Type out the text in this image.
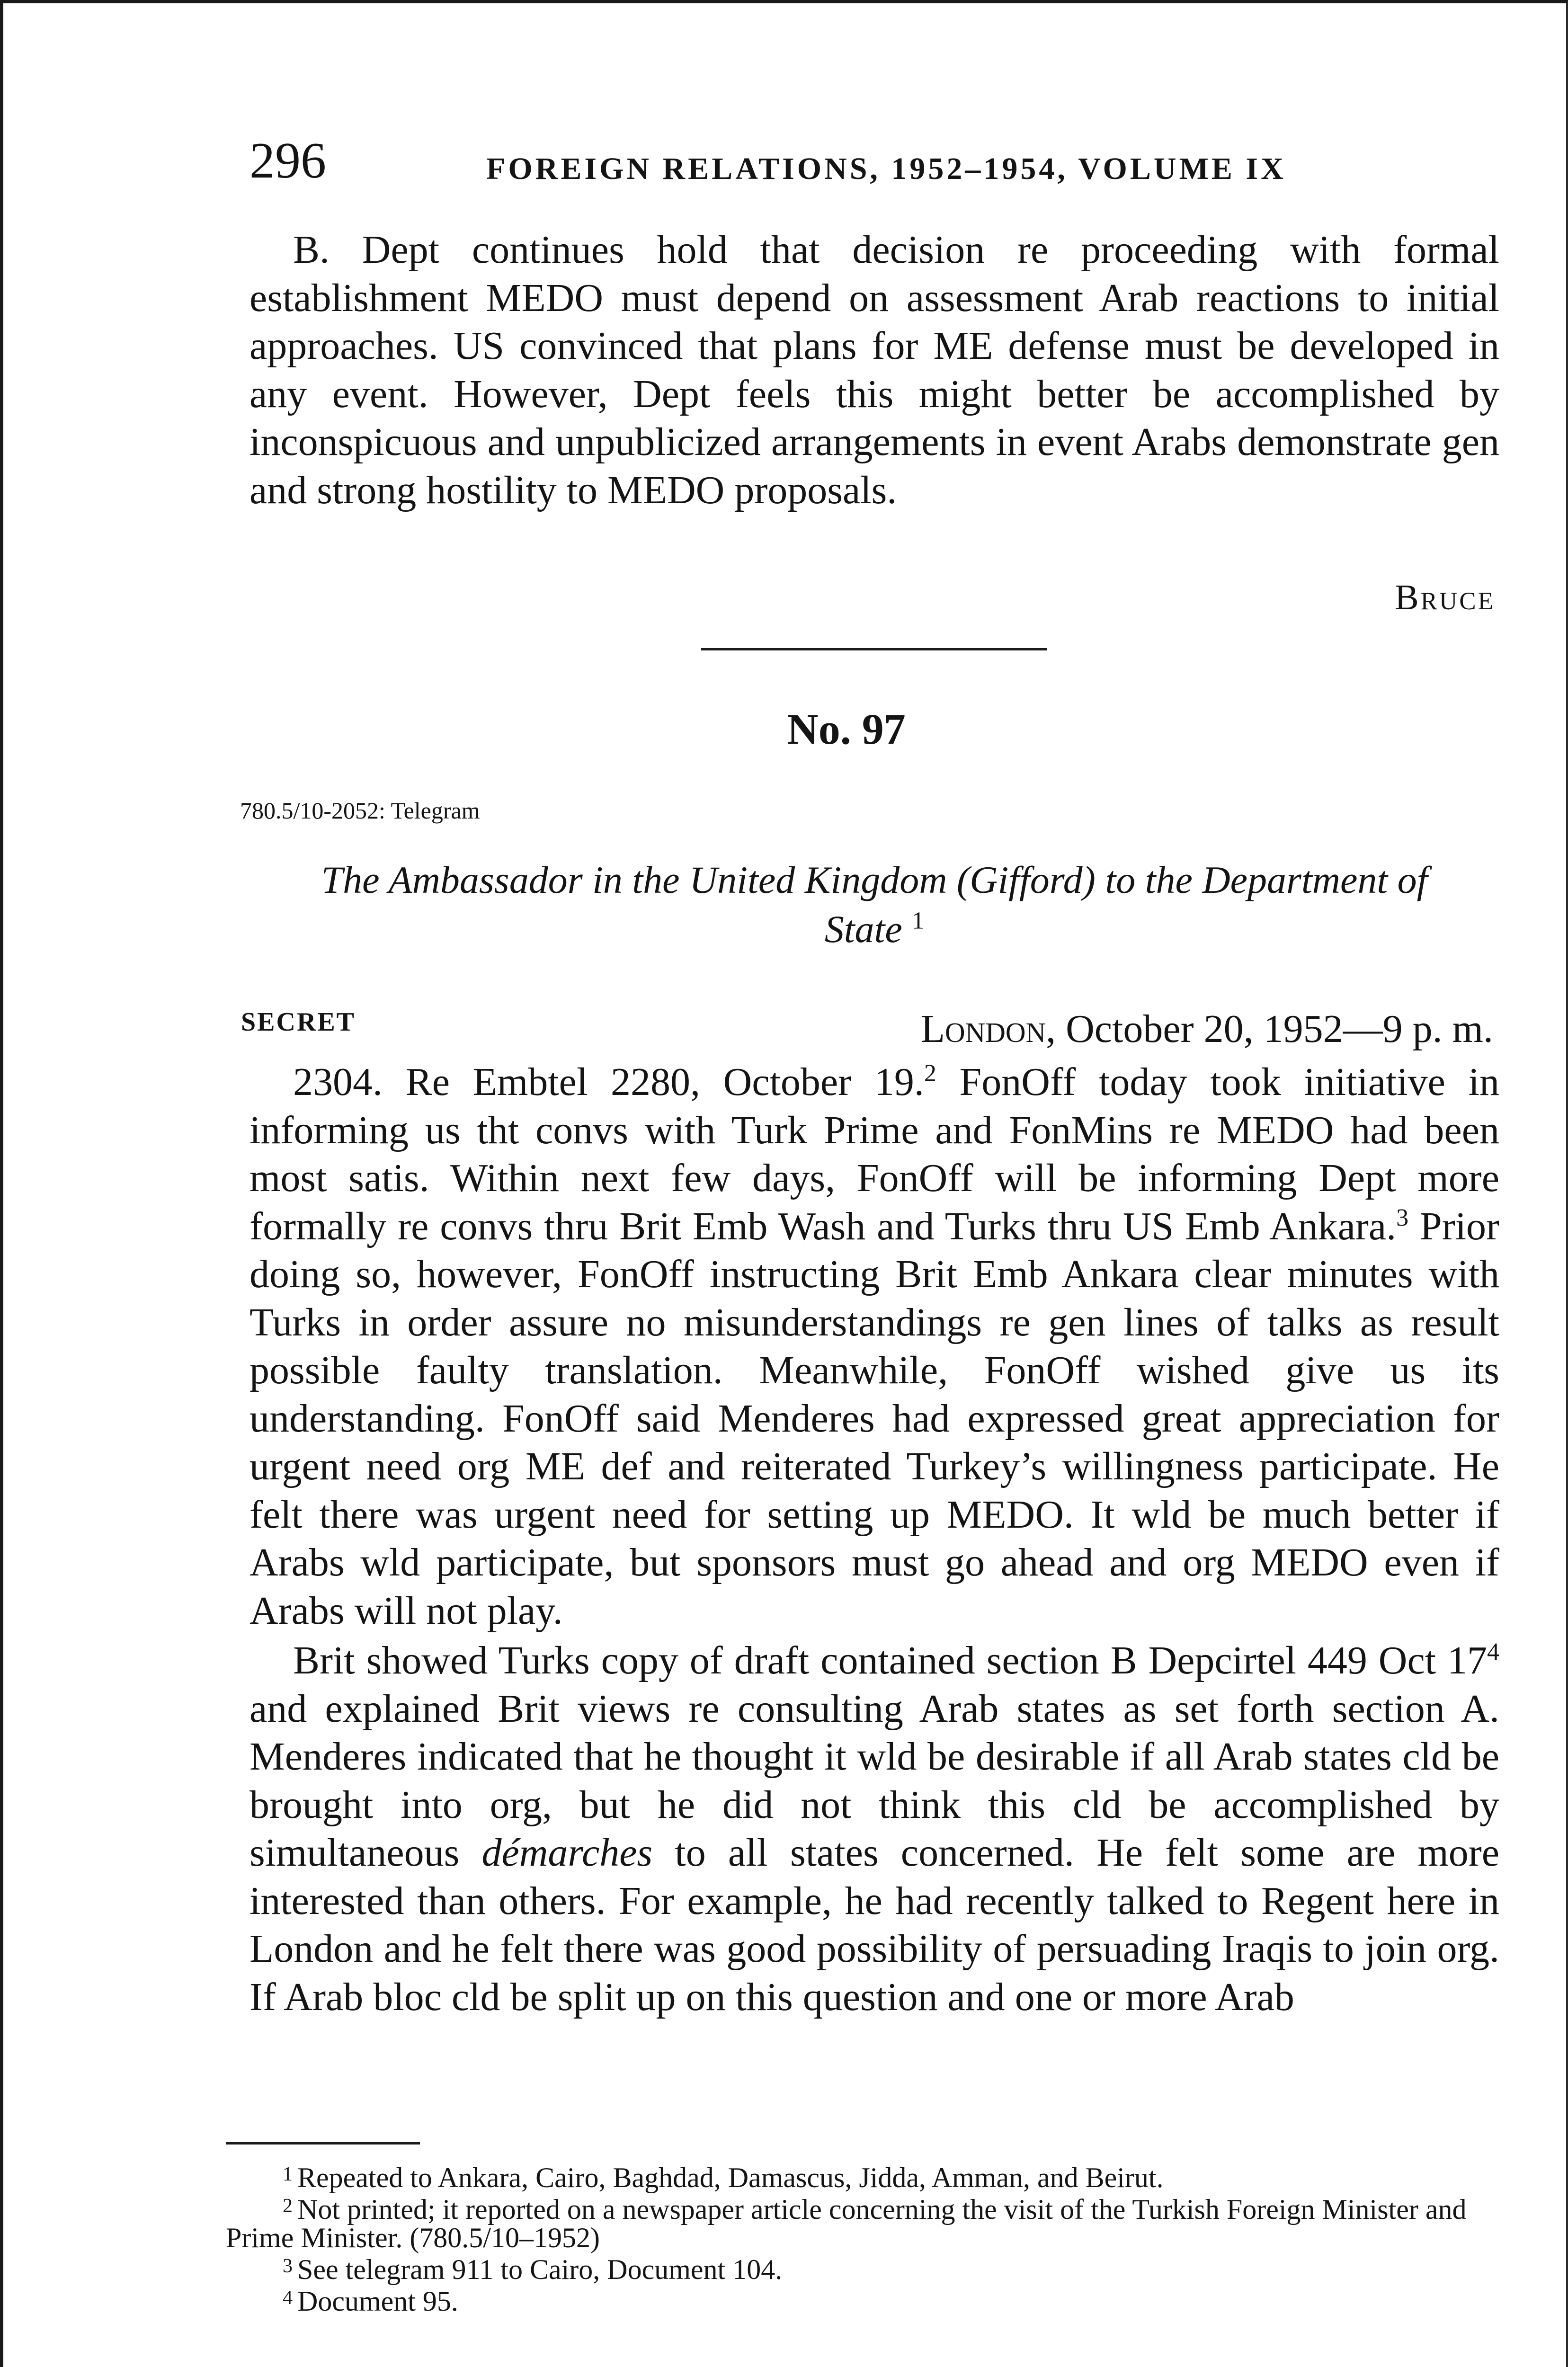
296	FOREIGN RELATIONS, 1952–1954, VOLUME IX

B. Dept continues hold that decision re proceeding with formal establishment MEDO must depend on assessment Arab reactions to initial approaches. US convinced that plans for ME defense must be developed in any event. However, Dept feels this might better be accomplished by inconspicuous and unpublicized arrangements in event Arabs demonstrate gen and strong hostility to MEDO proposals.

Bruce
No. 97
780.5/10-2052: Telegram
The Ambassador in the United Kingdom (Gifford) to the Department of State $^1$
SECRET	London, October 20, 1952—9 p. m.

2304. Re Embtel 2280, October 19.$^2$ FonOff today took initiative in informing us tht convs with Turk Prime and FonMins re MEDO had been most satis. Within next few days, FonOff will be informing Dept more formally re convs thru Brit Emb Wash and Turks thru US Emb Ankara.$^3$ Prior doing so, however, FonOff instructing Brit Emb Ankara clear minutes with Turks in order assure no misunderstandings re gen lines of talks as result possible faulty translation. Meanwhile, FonOff wished give us its understanding. FonOff said Menderes had expressed great appreciation for urgent need org ME def and reiterated Turkey’s willingness participate. He felt there was urgent need for setting up MEDO. It wld be much better if Arabs wld participate, but sponsors must go ahead and org MEDO even if Arabs will not play.

Brit showed Turks copy of draft contained section B Depcirtel 449 Oct $17^4$ and explained Brit views re consulting Arab states as set forth section A. Menderes indicated that he thought it wld be desirable if all Arab states cld be brought into org, but he did not think this cld be accomplished by simultaneous démarches to all states concerned. He felt some are more interested than others. For example, he had recently talked to Regent here in London and he felt there was good possibility of persuading Iraqis to join org. If Arab bloc cld be split up on this question and one or more Arab

$^1$ Repeated to Ankara, Cairo, Baghdad, Damascus, Jidda, Amman, and Beirut.
$^2$ Not printed; it reported on a newspaper article concerning the visit of the Turkish Foreign Minister and Prime Minister. (780.5/10–1952)
$^3$ See telegram 911 to Cairo, Document 104.
$^4$ Document 95.
